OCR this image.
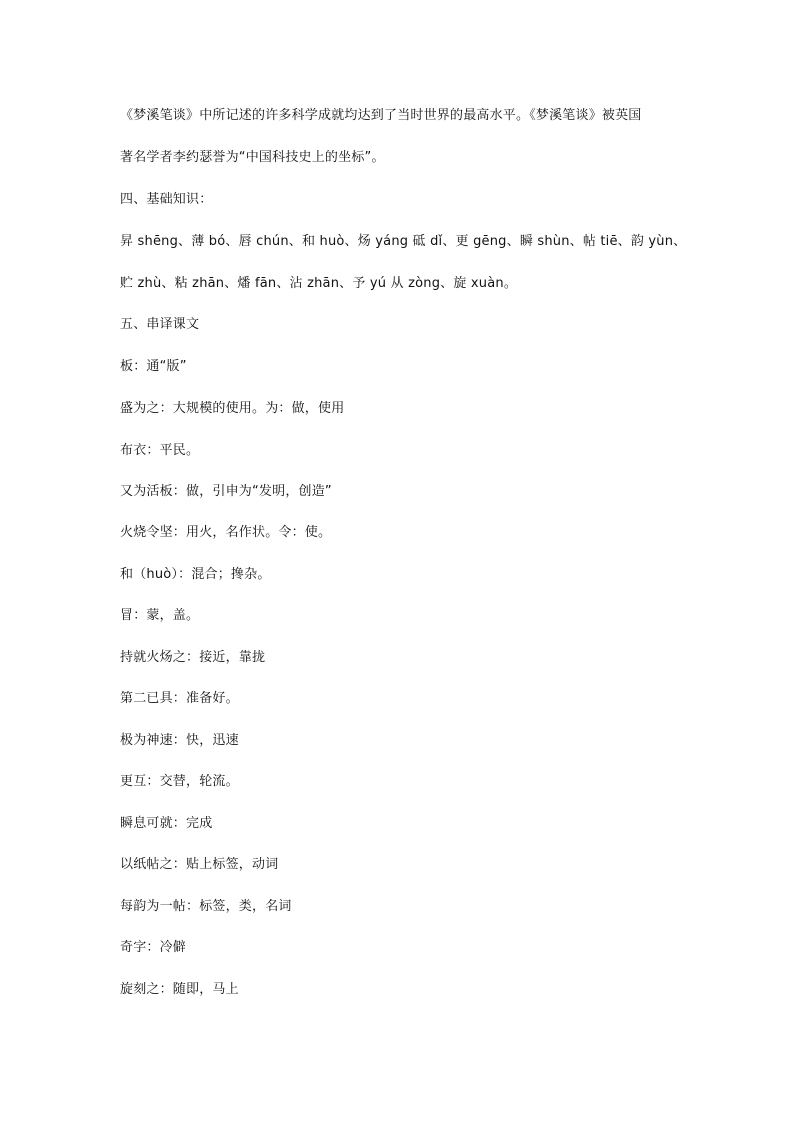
《梦溪笔谈》中所记述的许多科学成就均达到了当时世界的最高水平。《梦溪笔谈》被英国
著名学者李约瑟誉为“中国科技史上的坐标”。
四、基础知识：
昇 shēng、薄 bó、唇 chún、和 huò、炀 yáng 砥 dǐ、更 gēng、瞬 shùn、帖 tiē、韵 yùn、
贮 zhù、粘 zhān、燔 fān、沾 zhān、予 yú 从 zòng、旋 xuàn。
五、串译课文
板：通“版”
盛为之：大规模的使用。为：做，使用
布衣：平民。
又为活板：做，引申为“发明，创造”
火烧令坚：用火，名作状。令：使。
和（huò）：混合；搀杂。
冒：蒙，盖。
持就火炀之：接近，靠拢
第二已具：准备好。
极为神速：快，迅速
更互：交替，轮流。
瞬息可就：完成
以纸帖之：贴上标签，动词
每韵为一帖：标签，类，名词
奇字：冷僻
旋刻之：随即，马上
